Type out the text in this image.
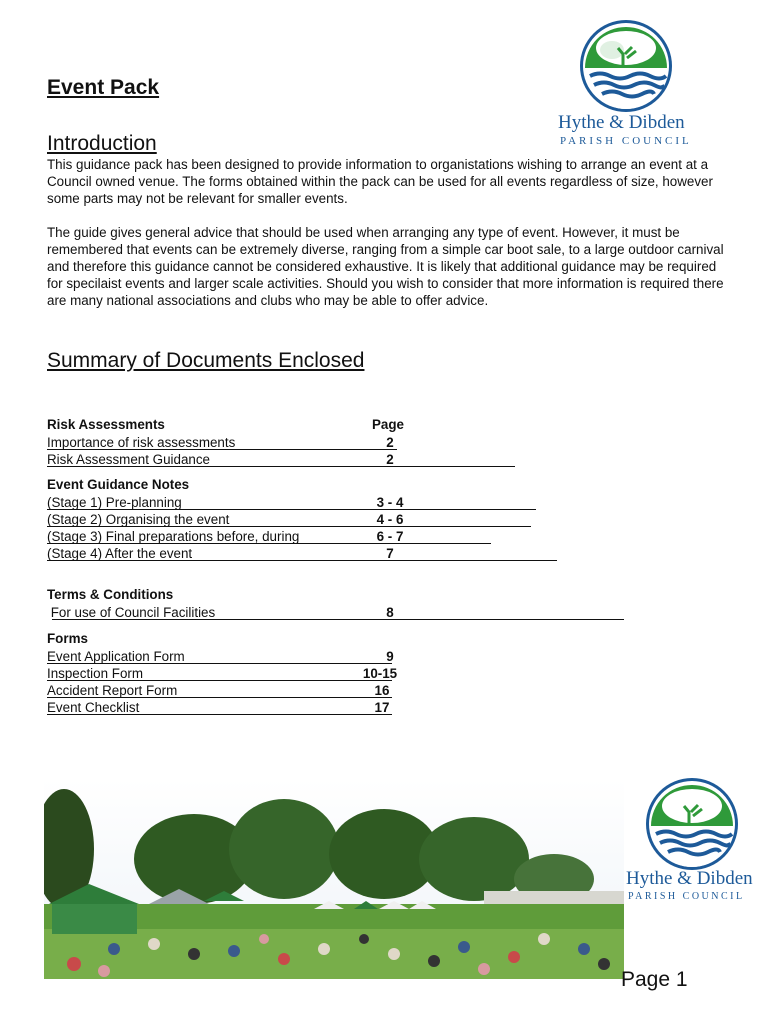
Hythe & Dibden
PARISH COUNCIL
Event Pack
Introduction
This guidance pack has been designed to provide information to organistations wishing to arrange an event at a Council owned venue. The forms obtained within the pack can be used for all events regardless of size, however some parts may not be relevant for smaller events.
The guide gives general advice that should be used when arranging any type of event. However, it must be remembered that events can be extremely diverse, ranging from a simple car boot sale, to a large outdoor carnival and therefore this guidance cannot be considered exhaustive. It is likely that additional guidance may be required for specilaist events and larger scale activities. Should you wish to consider that more information is required there are many national associations and clubs who may be able to offer advice.
Summary of Documents Enclosed
Risk Assessments	Page
Importance of risk assessments	2
Risk Assessment Guidance	2
Event Guidance Notes
(Stage 1) Pre-planning	3 - 4
(Stage 2) Organising the event	4 - 6
(Stage 3) Final preparations before, during	6 - 7
(Stage 4) After the event	7
Terms & Conditions
For use of Council Facilities	8
Forms
Event Application Form	9
Inspection Form	10-15
Accident Report Form	16
Event Checklist	17
Hythe & Dibden
PARISH COUNCIL
Page 1
